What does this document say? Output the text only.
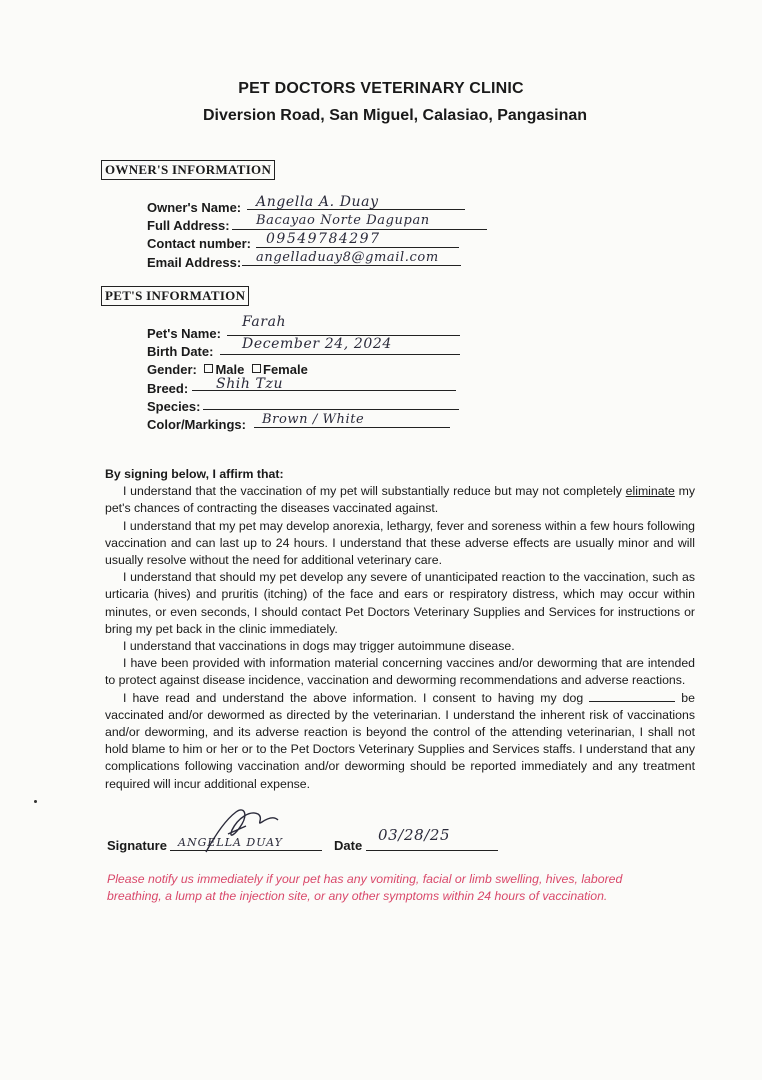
PET DOCTORS VETERINARY CLINIC
Diversion Road, San Miguel, Calasiao, Pangasinan
OWNER'S INFORMATION
Owner's Name: Angella A. Duay
Full Address: Bacayao Norte Dagupan
Contact number: 09549784297
Email Address: angelladuay8@gmail.com
PET'S INFORMATION
Pet's Name:
Farah
Birth Date: December 24, 2024
Gender: Male Female
Breed: Shih Tzu
Species:
Color/Markings: Brown / White
By signing below, I affirm that:

I understand that the vaccination of my pet will substantially reduce but may not completely eliminate my pet's chances of contracting the diseases vaccinated against.

I understand that my pet may develop anorexia, lethargy, fever and soreness within a few hours following vaccination and can last up to 24 hours. I understand that these adverse effects are usually minor and will usually resolve without the need for additional veterinary care.

I understand that should my pet develop any severe of unanticipated reaction to the vaccination, such as urticaria (hives) and pruritis (itching) of the face and ears or respiratory distress, which may occur within minutes, or even seconds, I should contact Pet Doctors Veterinary Supplies and Services for instructions or bring my pet back in the clinic immediately.

I understand that vaccinations in dogs may trigger autoimmune disease.

I have been provided with information material concerning vaccines and/or deworming that are intended to protect against disease incidence, vaccination and deworming recommendations and adverse reactions.

I have read and understand the above information. I consent to having my dog	be vaccinated and/or dewormed as directed by the veterinarian. I understand the inherent risk of vaccinations and/or deworming, and its adverse reaction is beyond the control of the attending veterinarian, I shall not hold blame to him or her or to the Pet Doctors Veterinary Supplies and Services staffs. I understand that any complications following vaccination and/or deworming should be reported immediately and any treatment required will incur additional expense.

Signature ANGELLA DUAY	Date
03/28/25
Please notify us immediately if your pet has any vomiting, facial or limb swelling, hives, labored breathing, a lump at the injection site, or any other symptoms within 24 hours of vaccination.
